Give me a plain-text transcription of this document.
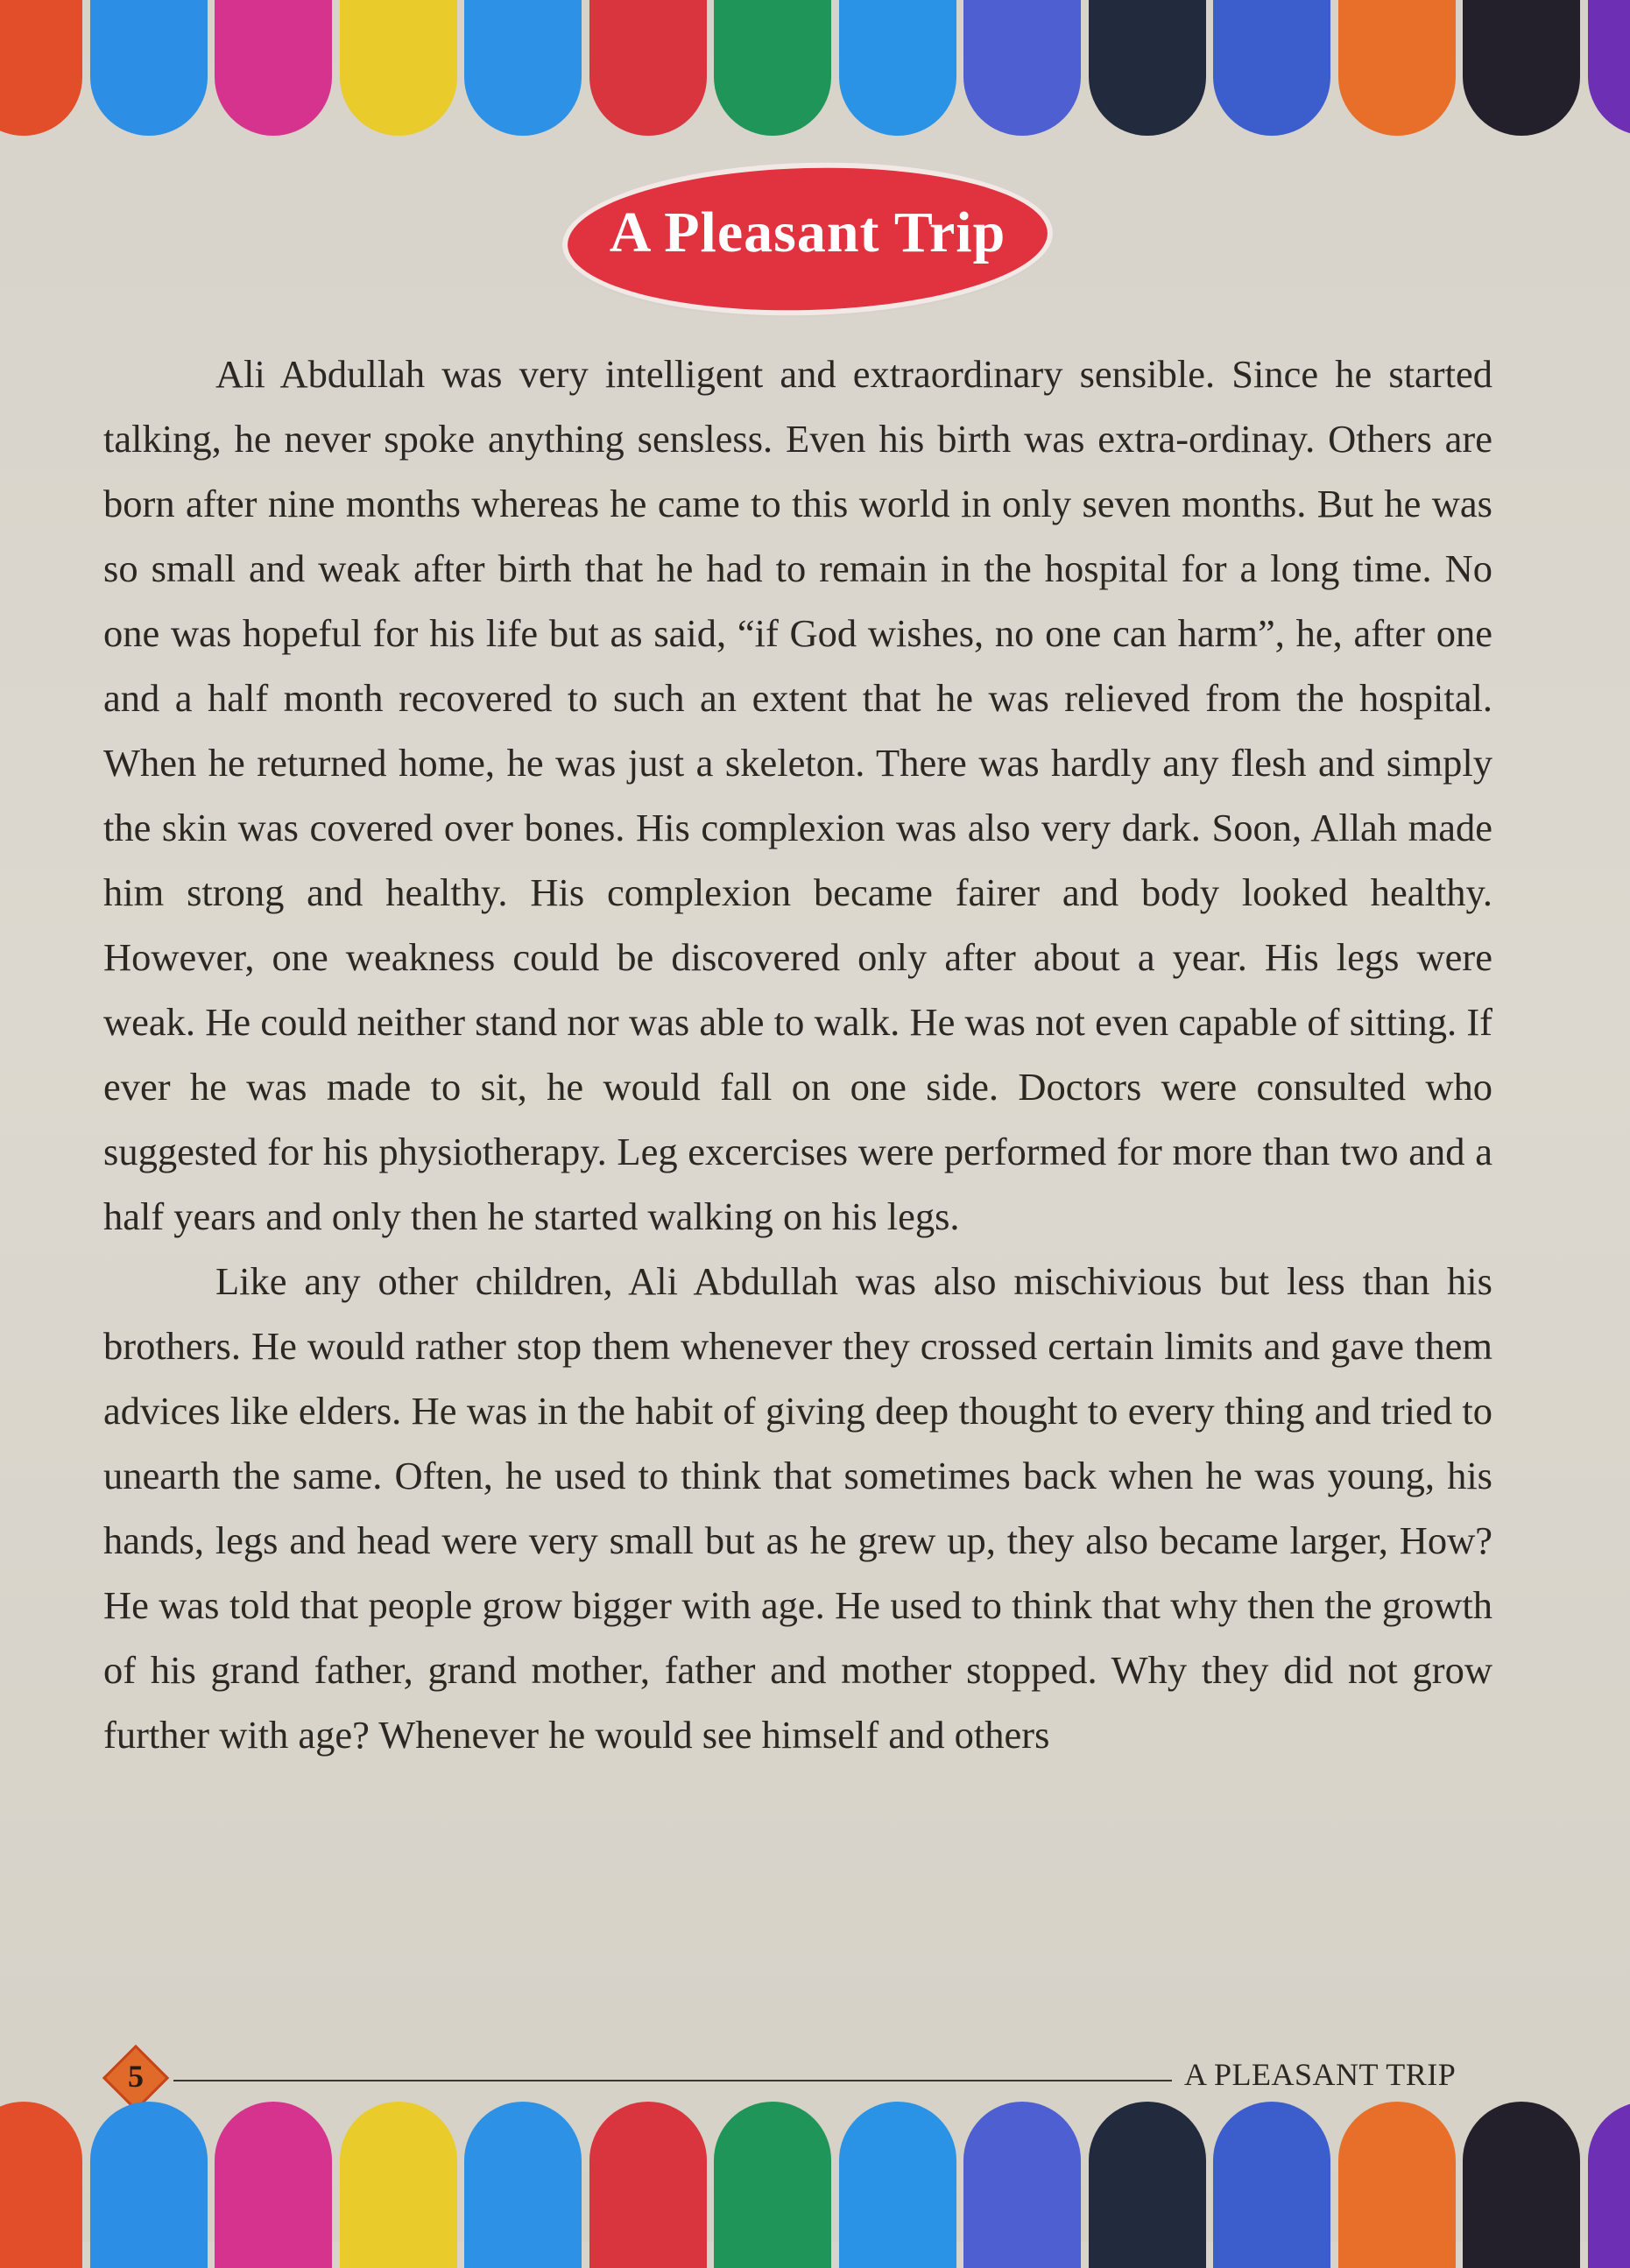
A Pleasant Trip

Ali Abdullah was very intelligent and extraordinary sensible. Since he started talking, he never spoke anything sensless. Even his birth was extra-ordinay. Others are born after nine months whereas he came to this world in only seven months. But he was so small and weak after birth that he had to remain in the hospital for a long time. No one was hopeful for his life but as said, “if God wishes, no one can harm”, he, after one and a half month recovered to such an extent that he was relieved from the hospital. When he returned home, he was just a skeleton. There was hardly any flesh and simply the skin was covered over bones. His complexion was also very dark. Soon, Allah made him strong and healthy. His complexion became fairer and body looked healthy. However, one weakness could be discovered only after about a year. His legs were weak. He could neither stand nor was able to walk. He was not even capable of sitting. If ever he was made to sit, he would fall on one side. Doctors were consulted who suggested for his physiotherapy. Leg excercises were performed for more than two and a half years and only then he started walking on his legs.

Like any other children, Ali Abdullah was also mischivious but less than his brothers. He would rather stop them whenever they crossed certain limits and gave them advices like elders. He was in the habit of giving deep thought to every thing and tried to unearth the same. Often, he used to think that sometimes back when he was young, his hands, legs and head were very small but as he grew up, they also became larger, How? He was told that people grow bigger with age. He used to think that why then the growth of his grand father, grand mother, father and mother stopped. Why they did not grow further with age? Whenever he would see himself and others

5	A PLEASANT TRIP
